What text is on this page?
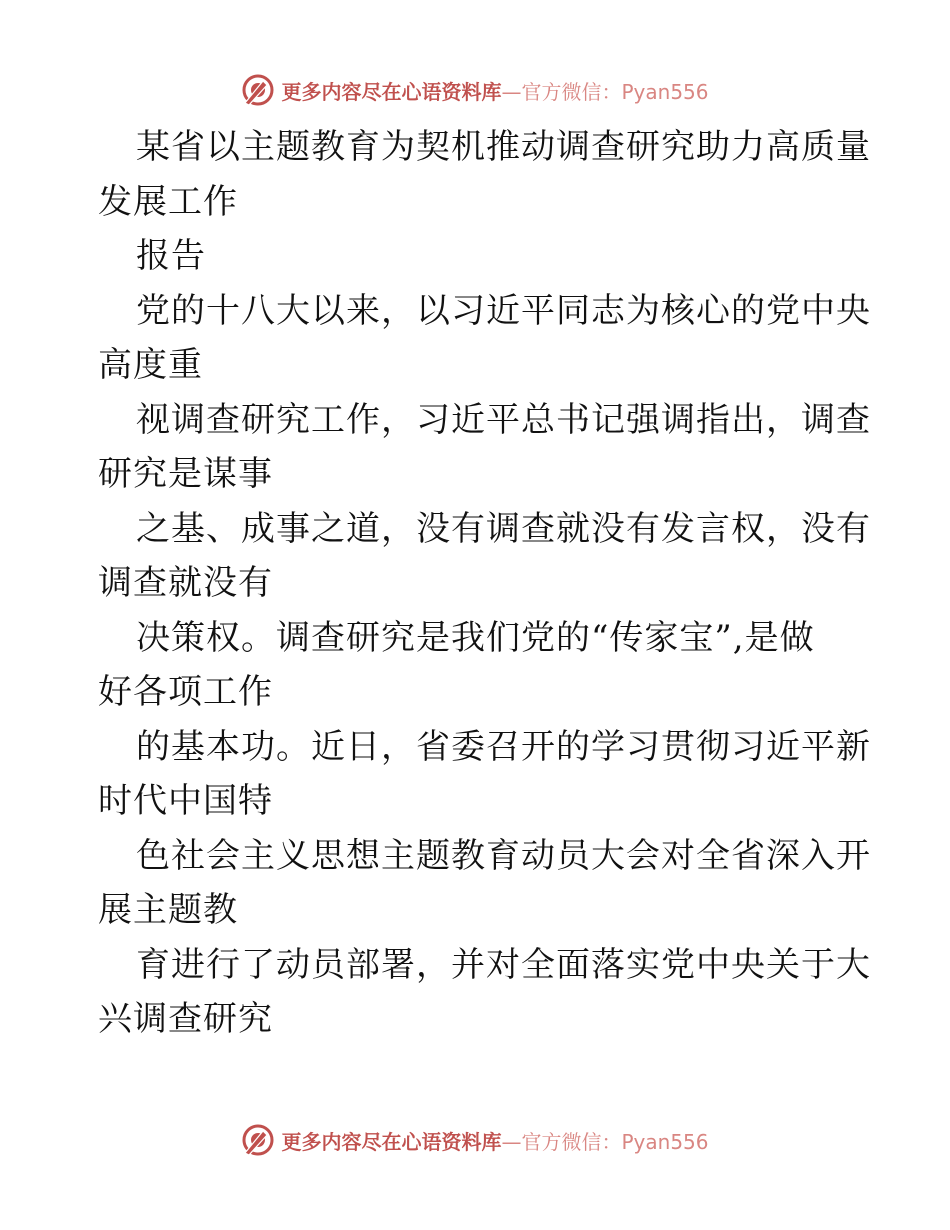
更多内容尽在心语资料库—官方微信：Pyan556
某省以主题教育为契机推动调查研究助力高质量
发展工作
报告
党的十八大以来，以习近平同志为核心的党中央
高度重
视调查研究工作，习近平总书记强调指出，调查
研究是谋事
之基、成事之道，没有调查就没有发言权，没有
调查就没有
决策权。调查研究是我们党的“传家宝”,是做
好各项工作
的基本功。近日，省委召开的学习贯彻习近平新
时代中国特
色社会主义思想主题教育动员大会对全省深入开
展主题教
育进行了动员部署，并对全面落实党中央关于大
兴调查研究
更多内容尽在心语资料库—官方微信：Pyan556
